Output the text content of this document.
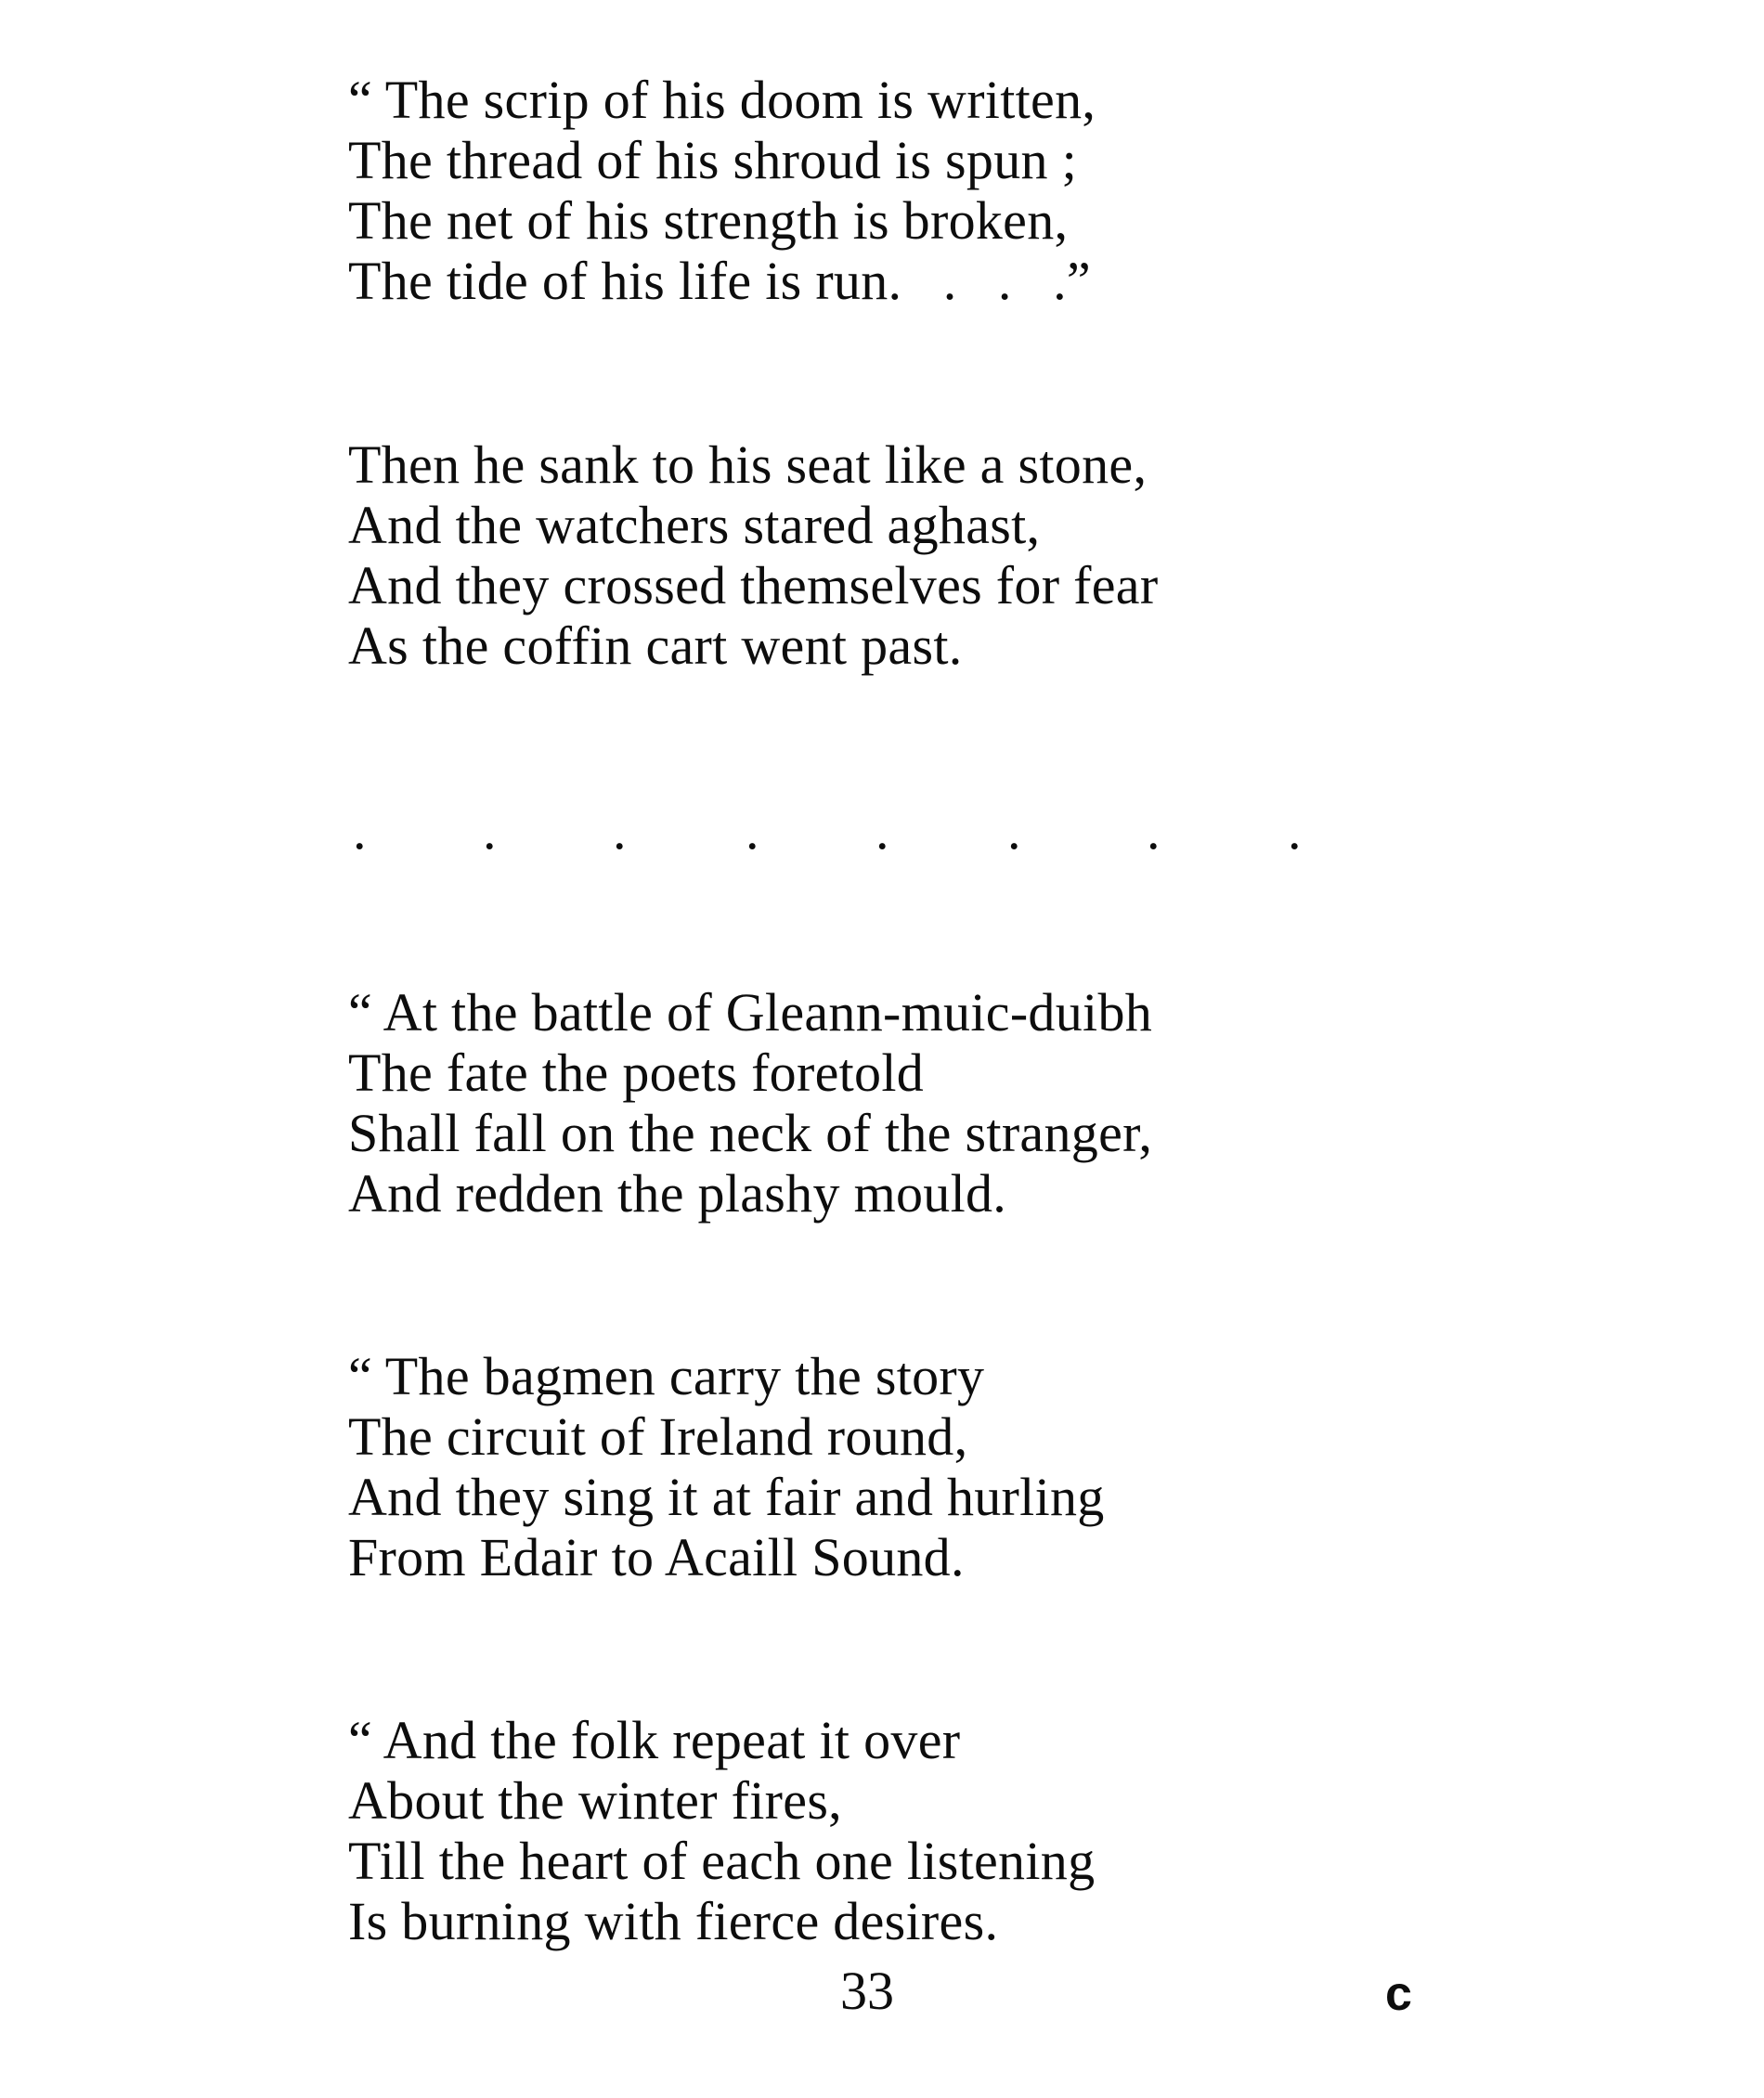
“ The scrip of his doom is written,
The thread of his shroud is spun ;
The net of his strength is broken,
The tide of his life is run.   .   .   .”
Then he sank to his seat like a stone,
And the watchers stared aghast,
And they crossed themselves for fear
As the coffin cart went past.
. . . . . . . .
“ At the battle of Gleann-muic-duibh
The fate the poets foretold
Shall fall on the neck of the stranger,
And redden the plashy mould.
“ The bagmen carry the story
The circuit of Ireland round,
And they sing it at fair and hurling
From Edair to Acaill Sound.
“ And the folk repeat it over
About the winter fires,
Till the heart of each one listening
Is burning with fierce desires.
33	c
